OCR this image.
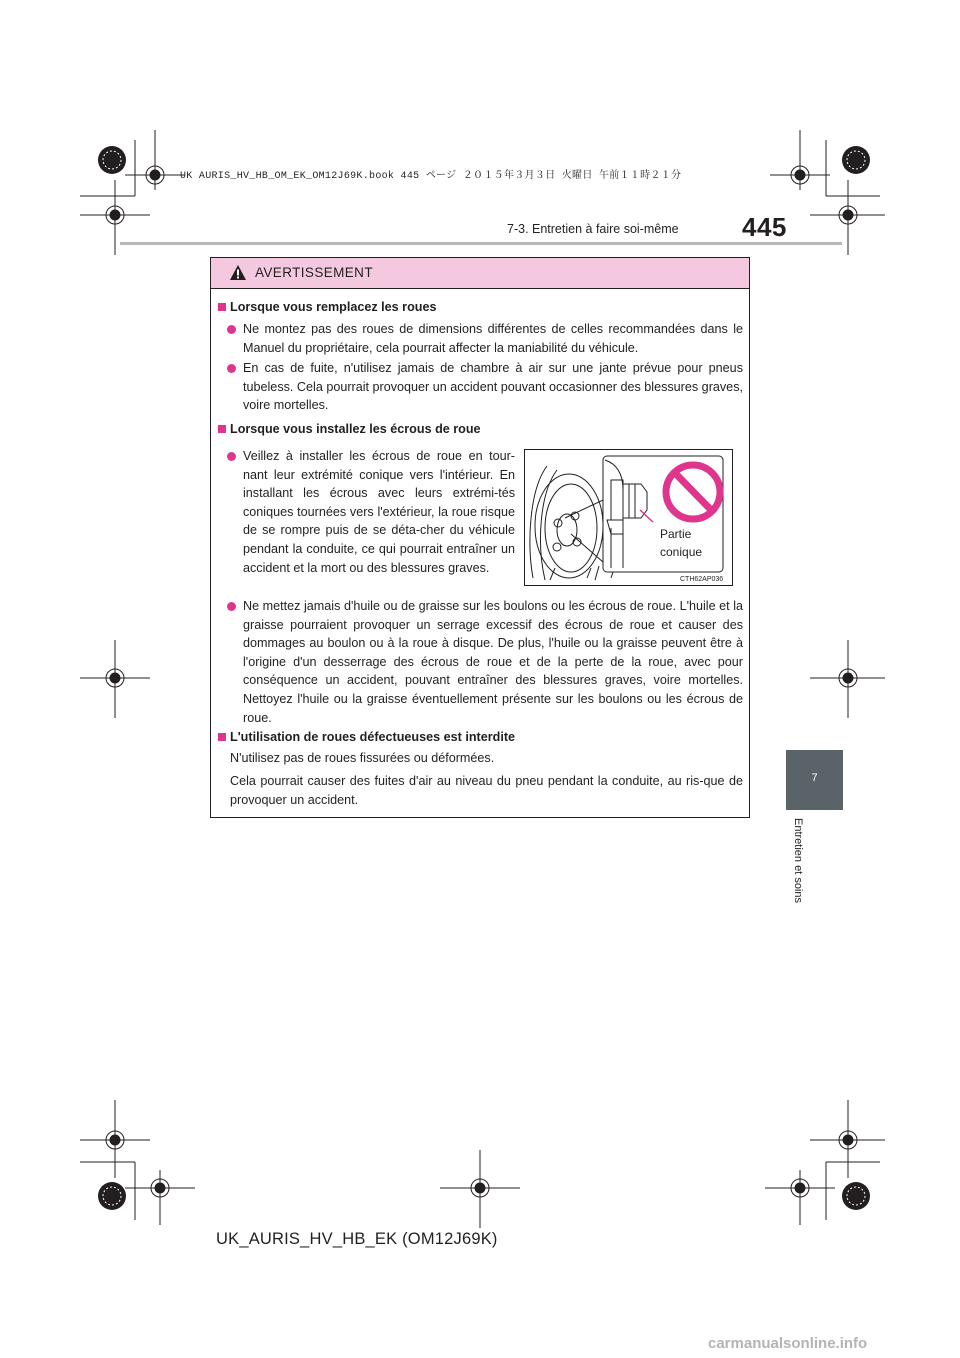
UK AURIS_HV_HB_OM_EK_OM12J69K.book 445 ページ ２０１５年３月３日 火曜日 午前１１時２１分
445
7-3. Entretien à faire soi-même
7
Entretien et soins
AVERTISSEMENT
Lorsque vous remplacez les roues
Ne montez pas des roues de dimensions différentes de celles recommandées dans le Manuel du propriétaire, cela pourrait affecter la maniabilité du véhicule.
En cas de fuite, n'utilisez jamais de chambre à air sur une jante prévue pour pneus tubeless. Cela pourrait provoquer un accident pouvant occasionner des blessures graves, voire mortelles.
Lorsque vous installez les écrous de roue
Veillez à installer les écrous de roue en tour-nant leur extrémité conique vers l'intérieur. En installant les écrous avec leurs extrémi-tés coniques tournées vers l'extérieur, la roue risque de se rompre puis de se déta-cher du véhicule pendant la conduite, ce qui pourrait entraîner un accident et la mort ou des blessures graves.
Partie
conique
CTH62AP036
Ne mettez jamais d'huile ou de graisse sur les boulons ou les écrous de roue. L'huile et la graisse pourraient provoquer un serrage excessif des écrous de roue et causer des dommages au boulon ou à la roue à disque. De plus, l'huile ou la graisse peuvent être à l'origine d'un desserrage des écrous de roue et de la perte de la roue, avec pour conséquence un accident, pouvant entraîner des blessures graves, voire mortelles. Nettoyez l'huile ou la graisse éventuellement présente sur les boulons ou les écrous de roue.
L'utilisation de roues défectueuses est interdite
N'utilisez pas de roues fissurées ou déformées.
Cela pourrait causer des fuites d'air au niveau du pneu pendant la conduite, au ris-que de provoquer un accident.
UK_AURIS_HV_HB_EK (OM12J69K)
carmanualsonline.info
